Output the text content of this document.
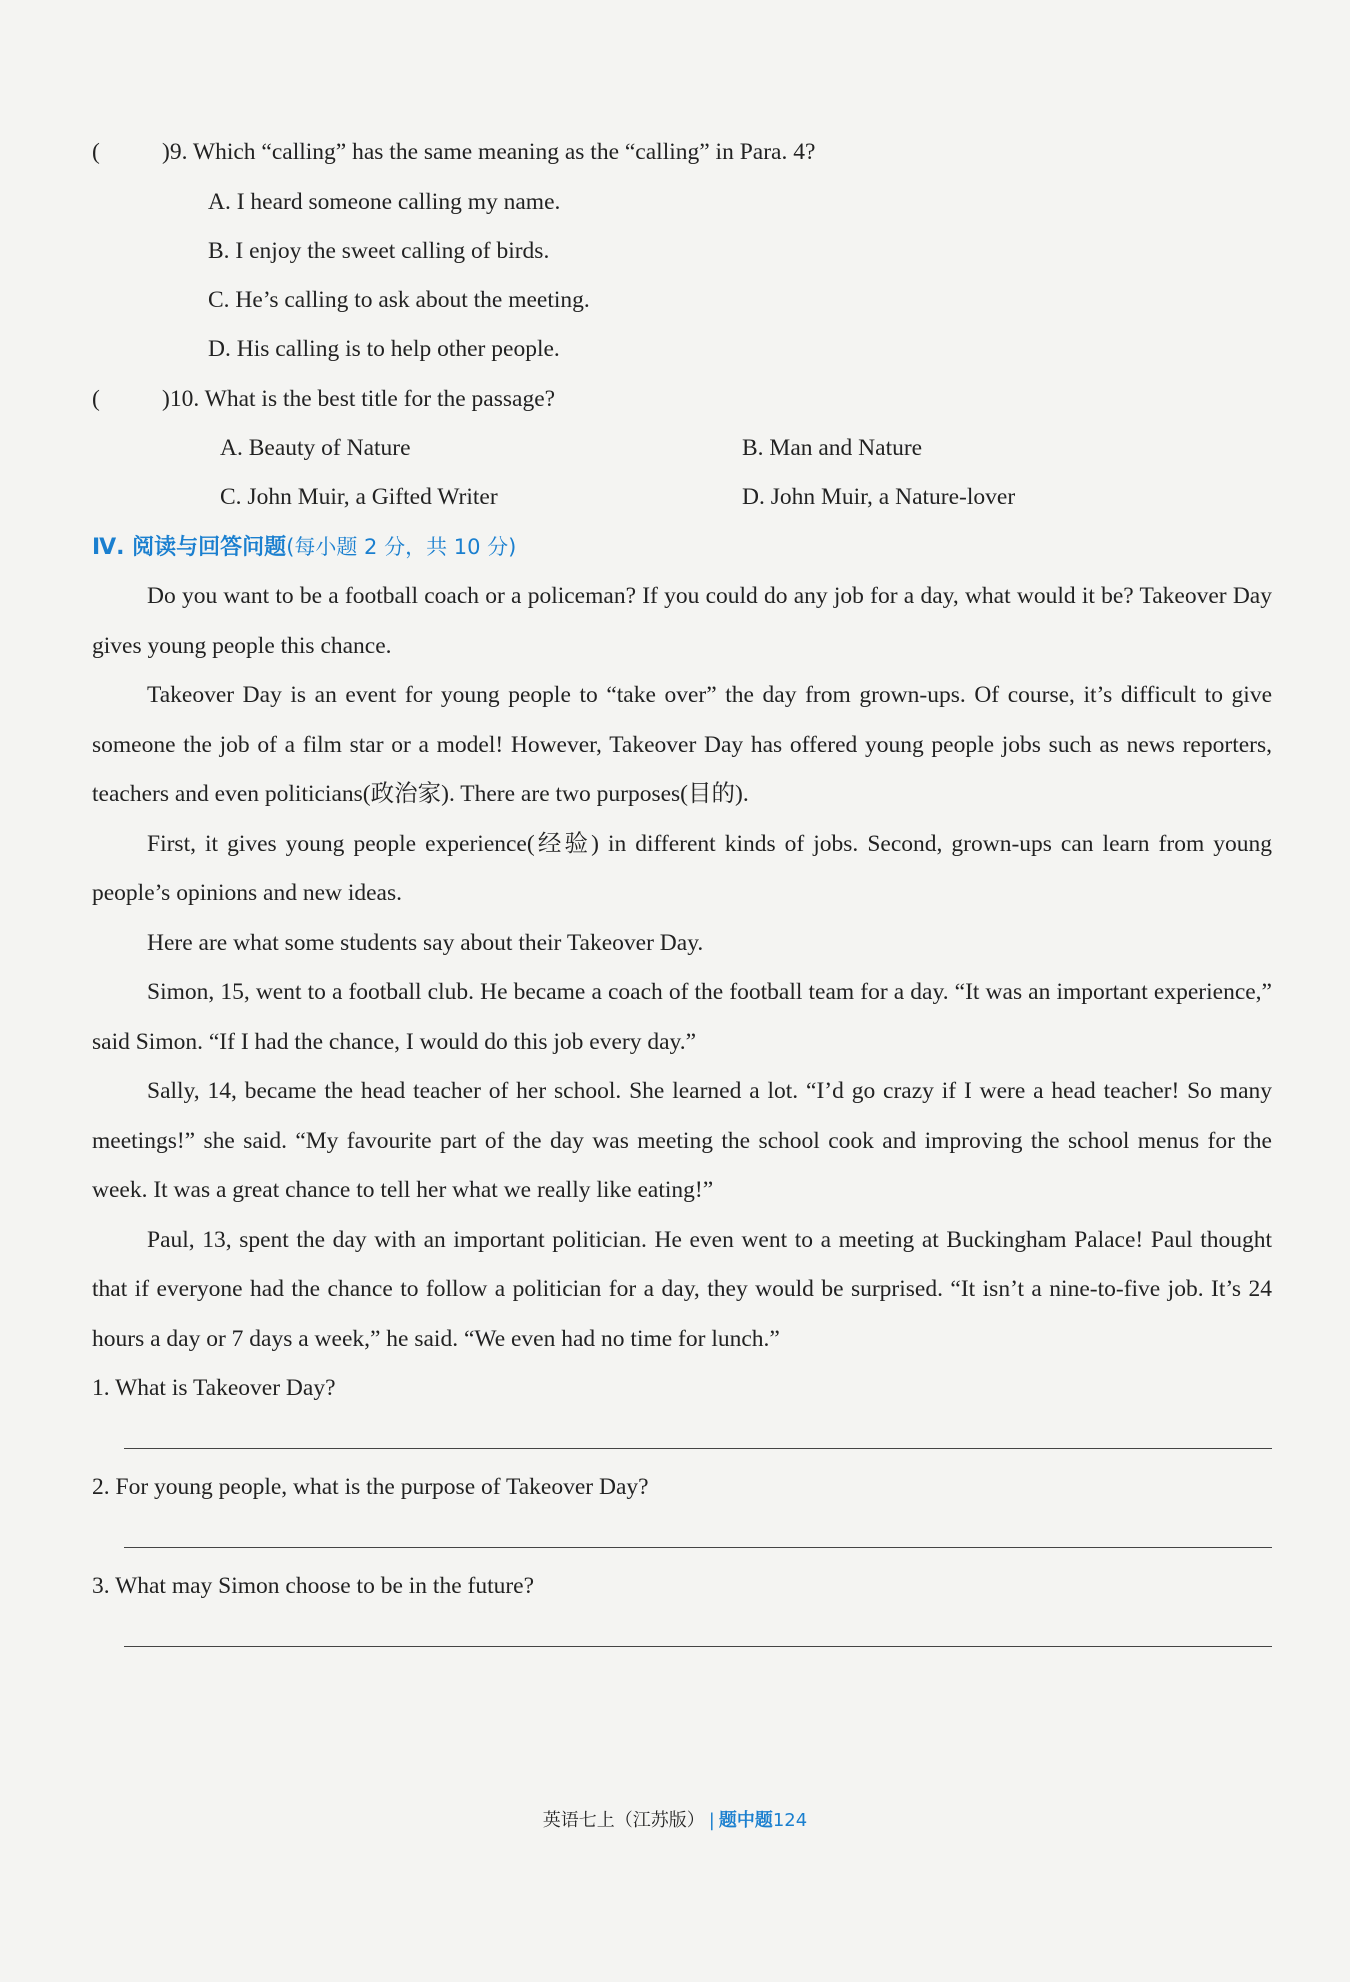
(	)9. Which “calling” has the same meaning as the “calling” in Para. 4?
A. I heard someone calling my name.
B. I enjoy the sweet calling of birds.
C. He’s calling to ask about the meeting.
D. His calling is to help other people.
(	)10. What is the best title for the passage?
A. Beauty of Nature	B. Man and Nature
C. John Muir, a Gifted Writer	D. John Muir, a Nature-lover
Ⅳ. 阅读与回答问题(每小题 2 分，共 10 分)
Do you want to be a football coach or a policeman? If you could do any job for a day, what would it be? Takeover Day gives young people this chance.
Takeover Day is an event for young people to “take over” the day from grown-ups. Of course, it’s difficult to give someone the job of a film star or a model! However, Takeover Day has offered young people jobs such as news reporters, teachers and even politicians(政治家). There are two purposes(目的).
First, it gives young people experience(经验) in different kinds of jobs. Second, grown-ups can learn from young people’s opinions and new ideas.
Here are what some students say about their Takeover Day.
Simon, 15, went to a football club. He became a coach of the football team for a day. “It was an important experience,” said Simon. “If I had the chance, I would do this job every day.”
Sally, 14, became the head teacher of her school. She learned a lot. “I’d go crazy if I were a head teacher! So many meetings!” she said. “My favourite part of the day was meeting the school cook and improving the school menus for the week. It was a great chance to tell her what we really like eating!”
Paul, 13, spent the day with an important politician. He even went to a meeting at Buckingham Palace! Paul thought that if everyone had the chance to follow a politician for a day, they would be surprised. “It isn’t a nine-to-five job. It’s 24 hours a day or 7 days a week,” he said. “We even had no time for lunch.”
1. What is Takeover Day?
2. For young people, what is the purpose of Takeover Day?
3. What may Simon choose to be in the future?
英语七上（江苏版） | 题中题124
